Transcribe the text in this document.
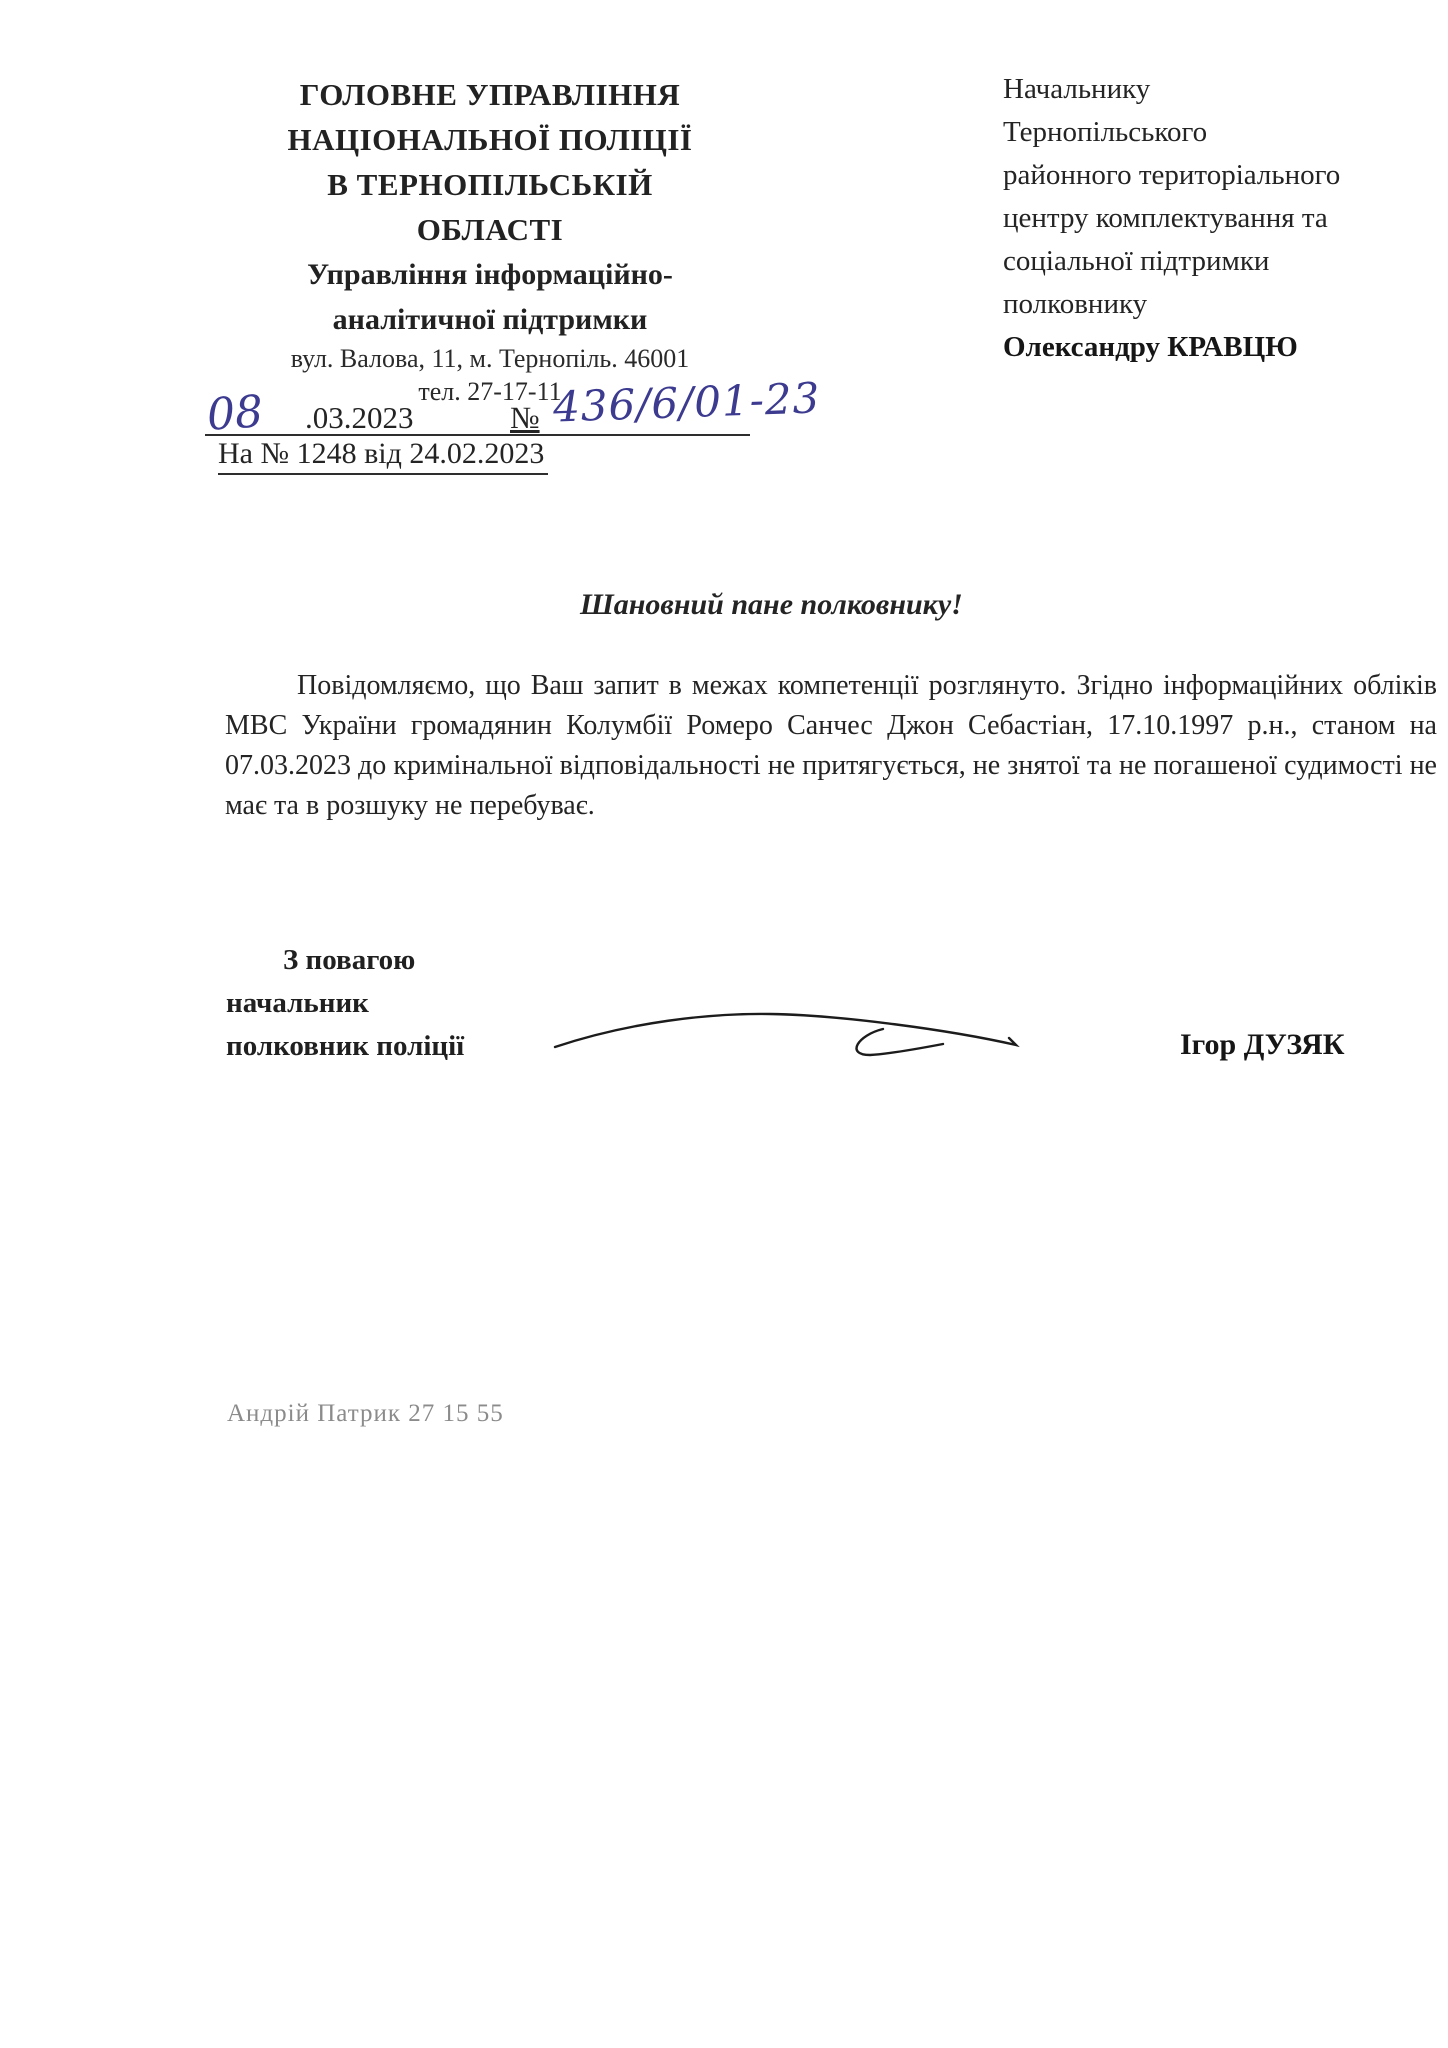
ГОЛОВНЕ УПРАВЛІННЯ
НАЦІОНАЛЬНОЇ ПОЛІЦІЇ
В ТЕРНОПІЛЬСЬКІЙ
ОБЛАСТІ
Управління інформаційно-
аналітичної підтримки
вул. Валова, 11, м. Тернопіль. 46001
тел. 27-17-11
08 .03.2023	№ 436/6/01-23
На № 1248 від 24.02.2023
Начальнику
Тернопільського
районного територіального
центру комплектування та
соціальної підтримки
полковнику
Олександру КРАВЦЮ
Шановний пане полковнику!

Повідомляємо, що Ваш запит в межах компетенції розглянуто. Згідно інформаційних обліків МВС України громадянин Колумбії Ромеро Санчес Джон Себастіан, 17.10.1997 р.н., станом на 07.03.2023 до кримінальної відповідальності не притягується, не знятої та не погашеної судимості не має та в розшуку не перебуває.

З повагою
начальник
полковник поліції	Ігор ДУЗЯК
Андрій Патрик 27 15 55
